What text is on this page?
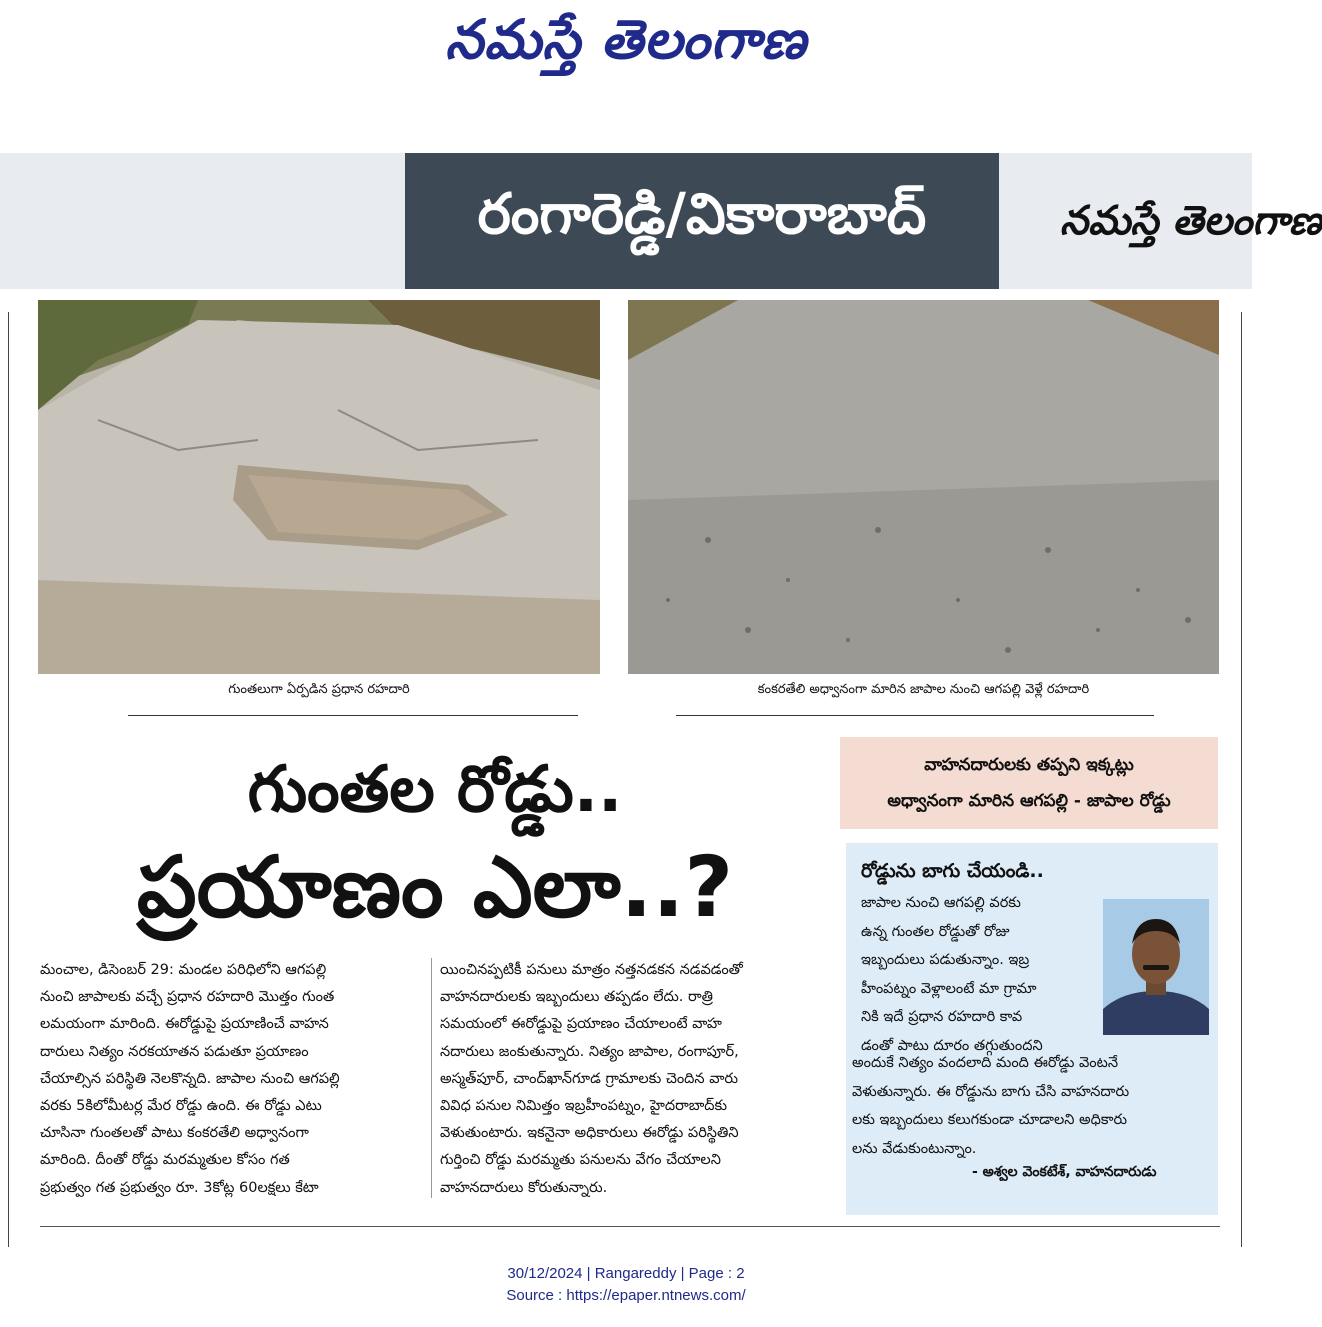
నమస్తే తెలంగాణ
రంగారెడ్డి/వికారాబాద్	నమస్తే తెలంగాణ
గుంతలుగా ఏర్పడిన ప్రధాన రహదారి	కంకరతేలి అధ్వానంగా మారిన జాపాల నుంచి ఆగపల్లి వెళ్లే రహదారి
గుంతల రోడ్డు..
ప్రయాణం ఎలా..?
వాహనదారులకు తప్పని ఇక్కట్లు
అధ్వానంగా మారిన ఆగపల్లి - జాపాల రోడ్డు
రోడ్డును బాగు చేయండి..

జాపాల నుంచి ఆగపల్లి వరకు

ఉన్న గుంతల రోడ్డుతో రోజు

ఇబ్బందులు పడుతున్నాం. ఇబ్ర

హీంపట్నం వెళ్లాలంటే మా గ్రామా

నికి ఇదే ప్రధాన రహదారి కావ

డంతో పాటు దూరం తగ్గుతుందని

అందుకే నిత్యం వందలాది మంది ఈరోడ్డు వెంటనే

వెళుతున్నారు. ఈ రోడ్డును బాగు చేసి వాహనదారు

లకు ఇబ్బందులు కలుగకుండా చూడాలని అధికారు

లను వేడుకుంటున్నాం.

- అశ్వల వెంకటేశ్, వాహనదారుడు

మంచాల, డిసెంబర్ 29: మండల పరిధిలోని ఆగపల్లి

నుంచి జాపాలకు వచ్చే ప్రధాన రహదారి మొత్తం గుంత

లమయంగా మారింది. ఈరోడ్డుపై ప్రయాణించే వాహన

దారులు నిత్యం నరకయాతన పడుతూ ప్రయాణం

చేయాల్సిన పరిస్థితి నెలకొన్నది. జాపాల నుంచి ఆగపల్లి

వరకు 5కిలోమీటర్ల మేర రోడ్డు ఉంది. ఈ రోడ్డు ఎటు

చూసినా గుంతలతో పాటు కంకరతేలి అధ్వానంగా

మారింది. దీంతో రోడ్డు మరమ్మతుల కోసం గత

ప్రభుత్వం గత ప్రభుత్వం రూ. 3కోట్ల 60లక్షలు కేటా

యించినప్పటికీ పనులు మాత్రం నత్తనడకన నడవడంతో

వాహనదారులకు ఇబ్బందులు తప్పడం లేదు. రాత్రి

సమయంలో ఈరోడ్డుపై ప్రయాణం చేయాలంటే వాహ

నదారులు జంకుతున్నారు. నిత్యం జాపాల, రంగాపూర్,

అస్మత్‌పూర్, చాంద్‌ఖాన్‌గూడ గ్రామాలకు చెందిన వారు

వివిధ పనుల నిమిత్తం ఇబ్రహీంపట్నం, హైదరాబాద్‌కు

వెళుతుంటారు. ఇకనైనా అధికారులు ఈరోడ్డు పరిస్థితిని

గుర్తించి రోడ్డు మరమ్మతు పనులను వేగం చేయాలని

వాహనదారులు కోరుతున్నారు.

30/12/2024 | Rangareddy | Page : 2
Source : https://epaper.ntnews.com/
